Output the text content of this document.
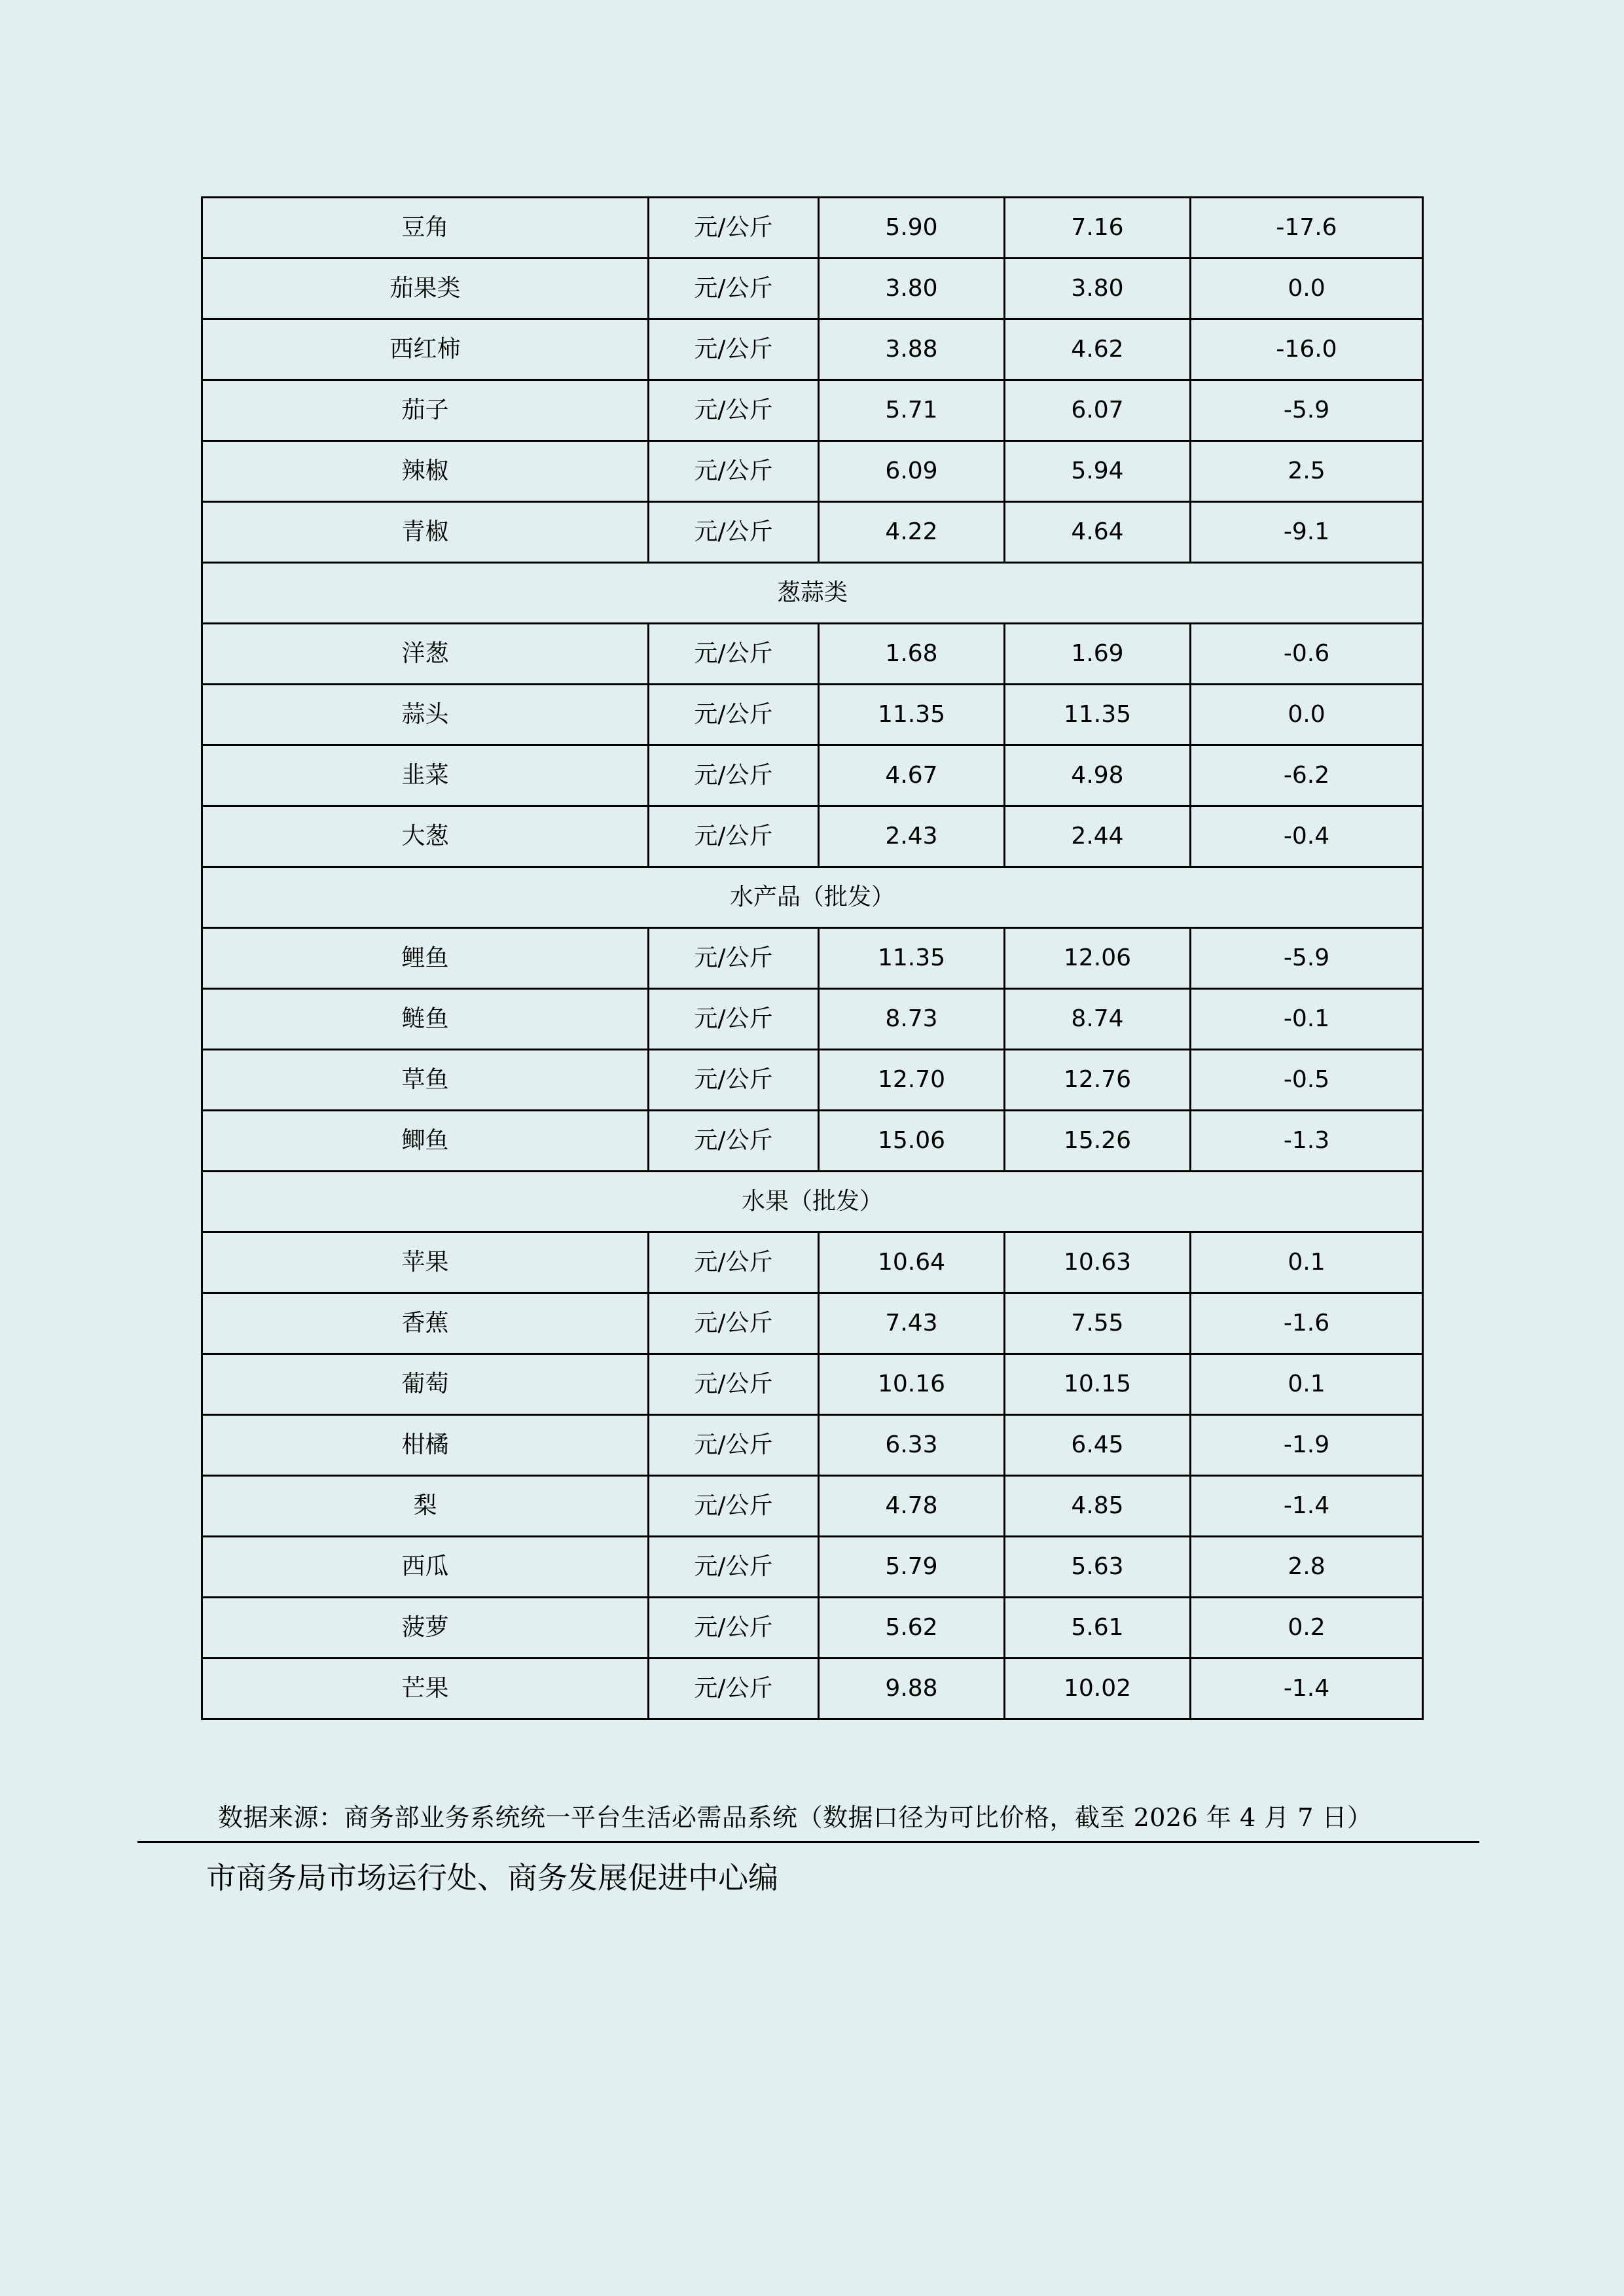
豆角	元/公斤	5.90	7.16	-17.6
茄果类	元/公斤	3.80	3.80	0.0
西红柿	元/公斤	3.88	4.62	-16.0
茄子	元/公斤	5.71	6.07	-5.9
辣椒	元/公斤	6.09	5.94	2.5
青椒	元/公斤	4.22	4.64	-9.1
葱蒜类				
洋葱	元/公斤	1.68	1.69	-0.6
蒜头	元/公斤	11.35	11.35	0.0
韭菜	元/公斤	4.67	4.98	-6.2
大葱	元/公斤	2.43	2.44	-0.4
水产品（批发）				
鲤鱼	元/公斤	11.35	12.06	-5.9
鲢鱼	元/公斤	8.73	8.74	-0.1
草鱼	元/公斤	12.70	12.76	-0.5
鲫鱼	元/公斤	15.06	15.26	-1.3
水果（批发）				
苹果	元/公斤	10.64	10.63	0.1
香蕉	元/公斤	7.43	7.55	-1.6
葡萄	元/公斤	10.16	10.15	0.1
柑橘	元/公斤	6.33	6.45	-1.9
梨	元/公斤	4.78	4.85	-1.4
西瓜	元/公斤	5.79	5.63	2.8
菠萝	元/公斤	5.62	5.61	0.2
芒果	元/公斤	9.88	10.02	-1.4
数据来源：商务部业务系统统一平台生活必需品系统（数据口径为可比价格，截至 2026 年 4 月 7 日）
市商务局市场运行处、商务发展促进中心编
